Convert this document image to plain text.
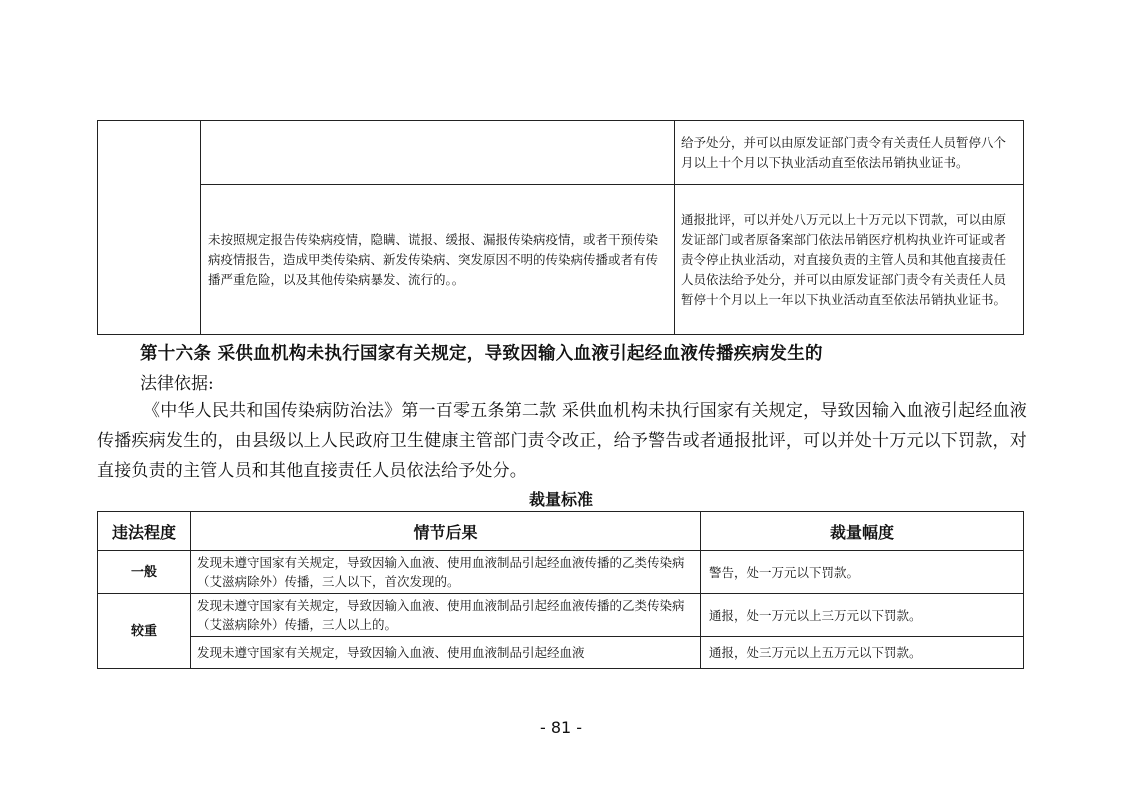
		给予处分，并可以由原发证部门责令有关责任人员暂停八个月以上十个月以下执业活动直至依法吊销执业证书。
	未按照规定报告传染病疫情，隐瞒、谎报、缓报、漏报传染病疫情，或者干预传染病疫情报告，造成甲类传染病、新发传染病、突发原因不明的传染病传播或者有传播严重危险，以及其他传染病暴发、流行的。。	通报批评，可以并处八万元以上十万元以下罚款，可以由原发证部门或者原备案部门依法吊销医疗机构执业许可证或者责令停止执业活动，对直接负责的主管人员和其他直接责任人员依法给予处分，并可以由原发证部门责令有关责任人员暂停十个月以上一年以下执业活动直至依法吊销执业证书。
第十六条 采供血机构未执行国家有关规定，导致因输入血液引起经血液传播疾病发生的
法律依据:
《中华人民共和国传染病防治法》第一百零五条第二款 采供血机构未执行国家有关规定，导致因输入血液引起经血液传播疾病发生的，由县级以上人民政府卫生健康主管部门责令改正，给予警告或者通报批评，可以并处十万元以下罚款，对直接负责的主管人员和其他直接责任人员依法给予处分。
裁量标准
违法程度	情节后果	裁量幅度
一般	发现未遵守国家有关规定，导致因输入血液、使用血液制品引起经血液传播的乙类传染病（艾滋病除外）传播，三人以下，首次发现的。	警告，处一万元以下罚款。
较重	发现未遵守国家有关规定，导致因输入血液、使用血液制品引起经血液传播的乙类传染病（艾滋病除外）传播，三人以上的。	通报，处一万元以上三万元以下罚款。
	发现未遵守国家有关规定，导致因输入血液、使用血液制品引起经血液	通报，处三万元以上五万元以下罚款。
- 81 -
